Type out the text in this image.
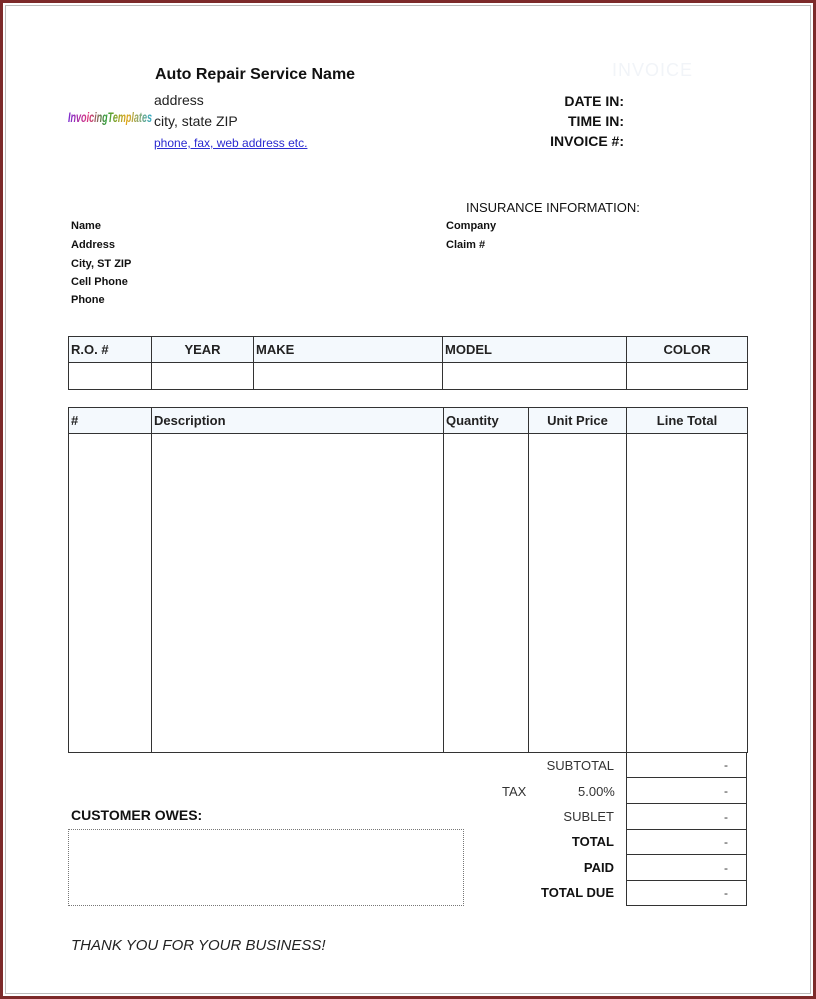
InvoicingTemplates
Auto Repair Service Name
address
city, state ZIP
phone, fax, web address etc.
INVOICE
DATE IN:
TIME IN:
INVOICE #:
Name
Address
City, ST ZIP
Cell Phone
Phone
INSURANCE INFORMATION:
Company
Claim #
R.O. #	YEAR	MAKE	MODEL	COLOR

#	Description	Quantity	Unit Price	Line Total

SUBTOTAL	-
TAX	5.00%	-
SUBLET	-
TOTAL	-
PAID	-
TOTAL DUE	-
CUSTOMER OWES:
THANK YOU FOR YOUR BUSINESS!
